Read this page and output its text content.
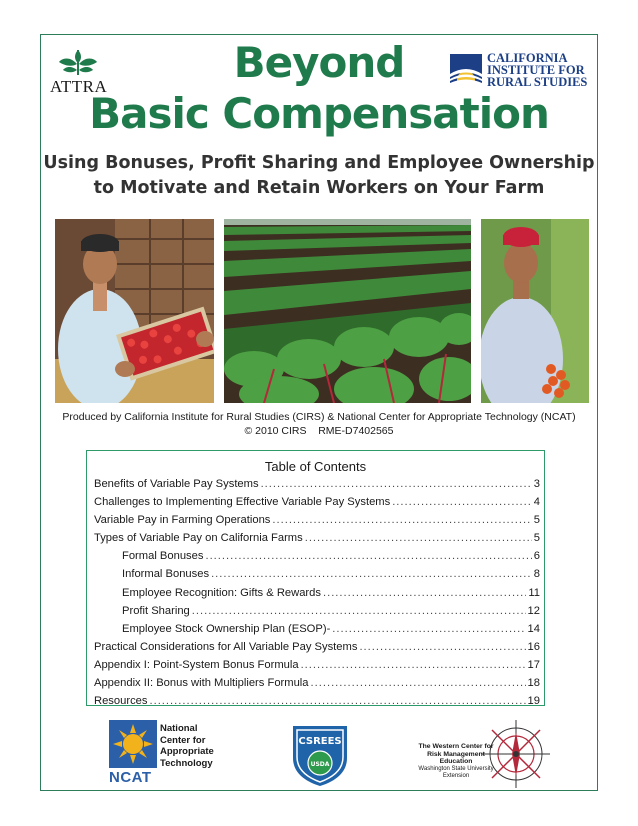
ATTRA
CALIFORNIA
INSTITUTE FOR
RURAL STUDIES
Beyond
Basic Compensation
Using Bonuses, Profit Sharing and Employee Ownership
to Motivate and Retain Workers on Your Farm
Produced by California Institute for Rural Studies (CIRS) & National Center for Appropriate Technology (NCAT)
© 2010 CIRS RME-D7402565
Table of Contents
Benefits of Variable Pay Systems .....	3
Challenges to Implementing Effective Variable Pay Systems .....	4
Variable Pay in Farming Operations .....	5
Types of Variable Pay on California Farms .....	5
Formal Bonuses .....	6
Informal Bonuses .....	8
Employee Recognition: Gifts & Rewards .....	11
Profit Sharing .....	12
Employee Stock Ownership Plan (ESOP)- .....	14
Practical Considerations for All Variable Pay Systems .....	16
Appendix I: Point-System Bonus Formula .....	17
Appendix II: Bonus with Multipliers Formula .....	18
Resources .....	19
National
Center for
Appropriate
Technology
NCAT
CSREES
USDA
The Western Center for
Risk Management Education
Washington State University Extension
